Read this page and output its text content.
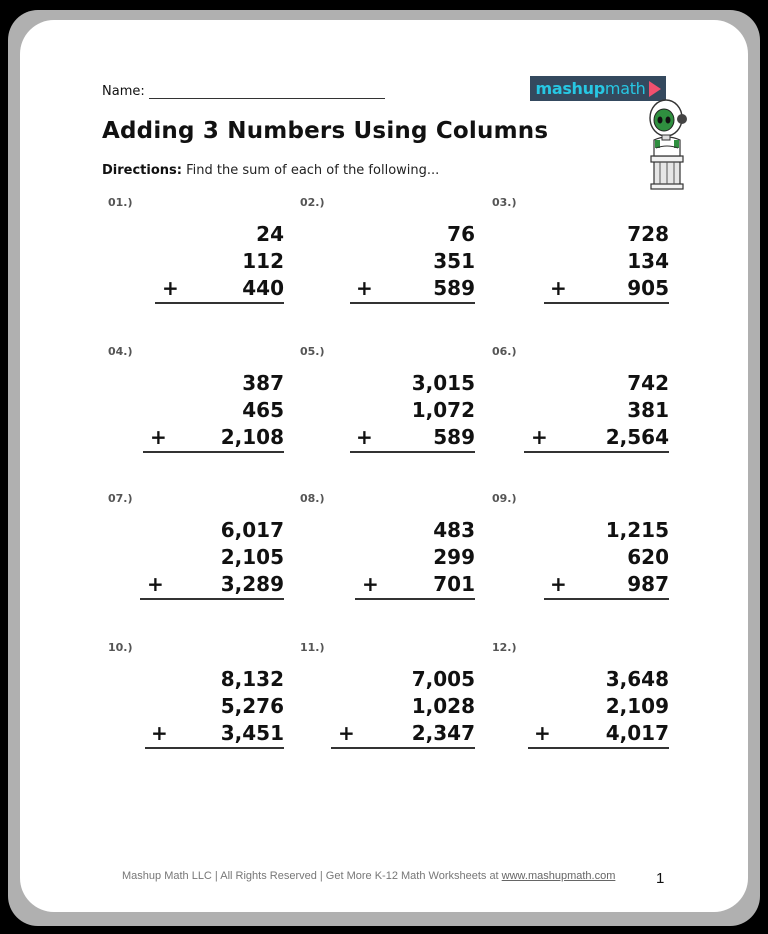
Name:
Adding 3 Numbers Using Columns
Directions: Find the sum of each of the following...
mashup math
01.)
24
112
+	440
02.)
76
351
+	589
03.)
728
134
+	905
04.)
387
465
+	2,108
05.)
3,015
1,072
+	589
06.)
742
381
+	2,564
07.)
6,017
2,105
+	3,289
08.)
483
299
+	701
09.)
1,215
620
+	987
10.)
8,132
5,276
+	3,451
11.)
7,005
1,028
+	2,347
12.)
3,648
2,109
+	4,017
Mashup Math LLC | All Rights Reserved | Get More K-12 Math Worksheets at www.mashupmath.com	1
